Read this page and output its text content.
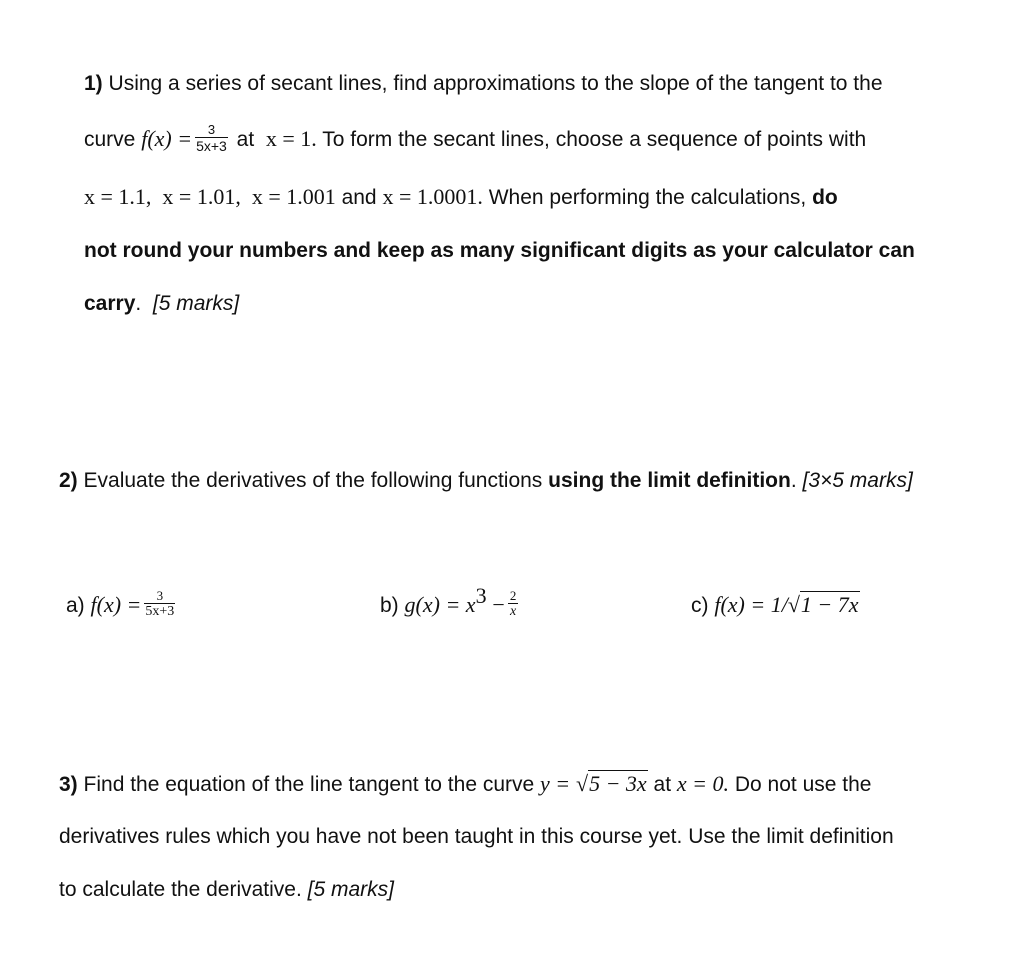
1) Using a series of secant lines, find approximations to the slope of the tangent to the
curve $f(x) = \frac{3}{5x+3}$ at x = 1. To form the secant lines, choose a sequence of points with
x = 1.1,  x = 1.01,  x = 1.001 and x = 1.0001. When performing the calculations, do
not round your numbers and keep as many significant digits as your calculator can
carry. [5 marks]
2) Evaluate the derivatives of the following functions using the limit definition. [3×5 marks]
a) $f(x) = \frac{3}{5x+3}$	b) $g(x) = x^3 - \frac{2}{x}$	c) f(x) = 1/√1 − 7x
3) Find the equation of the line tangent to the curve y = √5 − 3x at x = 0. Do not use the
derivatives rules which you have not been taught in this course yet. Use the limit definition
to calculate the derivative. [5 marks]
